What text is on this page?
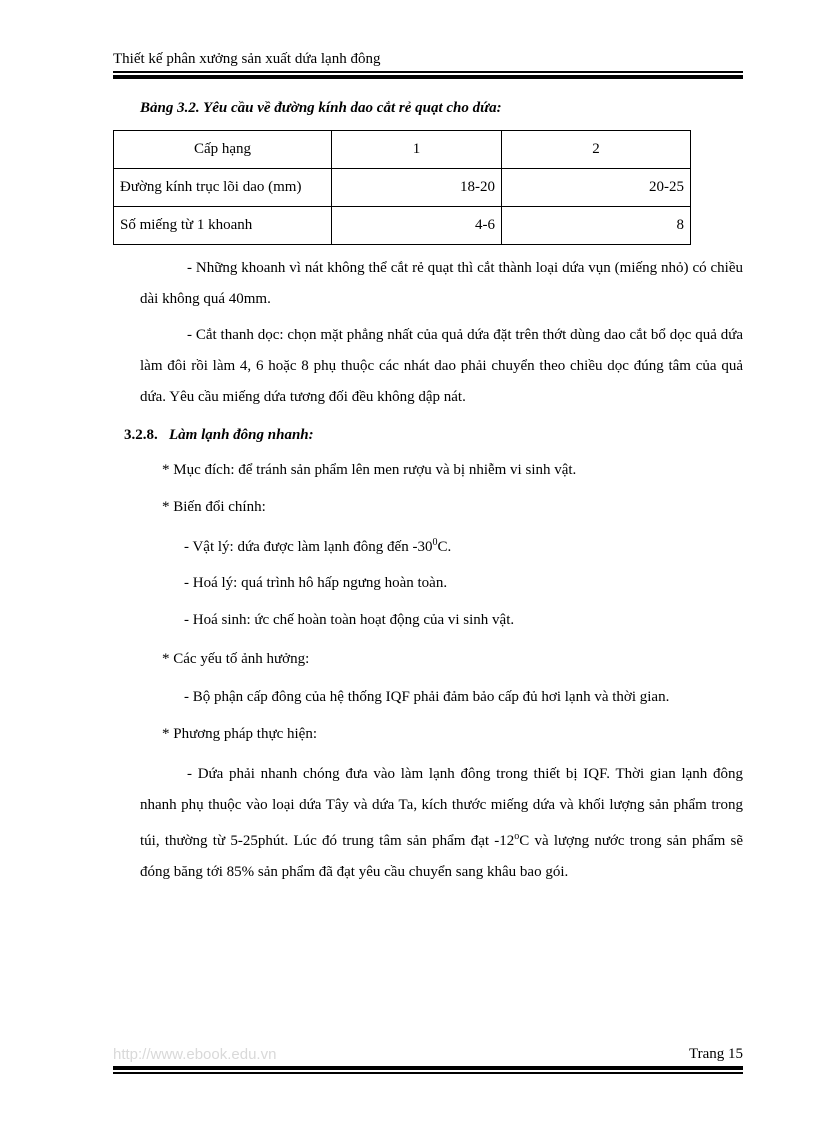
Thiết kế phân xưởng sản xuất dứa lạnh đông
Bảng 3.2. Yêu cầu về đường kính dao cắt rẻ quạt cho dứa:
Cấp hạng	1	2
Đường kính trục lõi dao (mm)	18-20	20-25
Số miếng từ 1 khoanh	4-6	8

- Những khoanh vì nát không thể cắt rẻ quạt thì cắt thành loại dứa vụn (miếng nhỏ) có chiều dài không quá 40mm.

- Cắt thanh dọc: chọn mặt phẳng nhất của quả dứa đặt trên thớt dùng dao cắt bổ dọc quả dứa làm đôi rồi làm 4, 6 hoặc 8 phụ thuộc các nhát dao phải chuyển theo chiều dọc đúng tâm của quả dứa. Yêu cầu miếng dứa tương đối đều không dập nát.

3.2.8. Làm lạnh đông nhanh:
* Mục đích: để tránh sản phẩm lên men rượu và bị nhiễm vi sinh vật.
* Biến đổi chính:
- Vật lý: dứa được làm lạnh đông đến $-30^0C$.
- Hoá lý: quá trình hô hấp ngưng hoàn toàn.
- Hoá sinh: ức chế hoàn toàn hoạt động của vi sinh vật.
* Các yếu tố ảnh hưởng:
- Bộ phận cấp đông của hệ thống IQF phải đảm bảo cấp đủ hơi lạnh và thời gian.
* Phương pháp thực hiện:

- Dứa phải nhanh chóng đưa vào làm lạnh đông trong thiết bị IQF. Thời gian lạnh đông nhanh phụ thuộc vào loại dứa Tây và dứa Ta, kích thước miếng dứa và khối lượng sản phẩm trong túi, thường từ 5-25phút. Lúc đó trung tâm sản phẩm đạt -12$^o$C và lượng nước trong sản phẩm sẽ đóng băng tới 85% sản phẩm đã đạt yêu cầu chuyển sang khâu bao gói.

http://www.ebook.edu.vn	Trang 15
